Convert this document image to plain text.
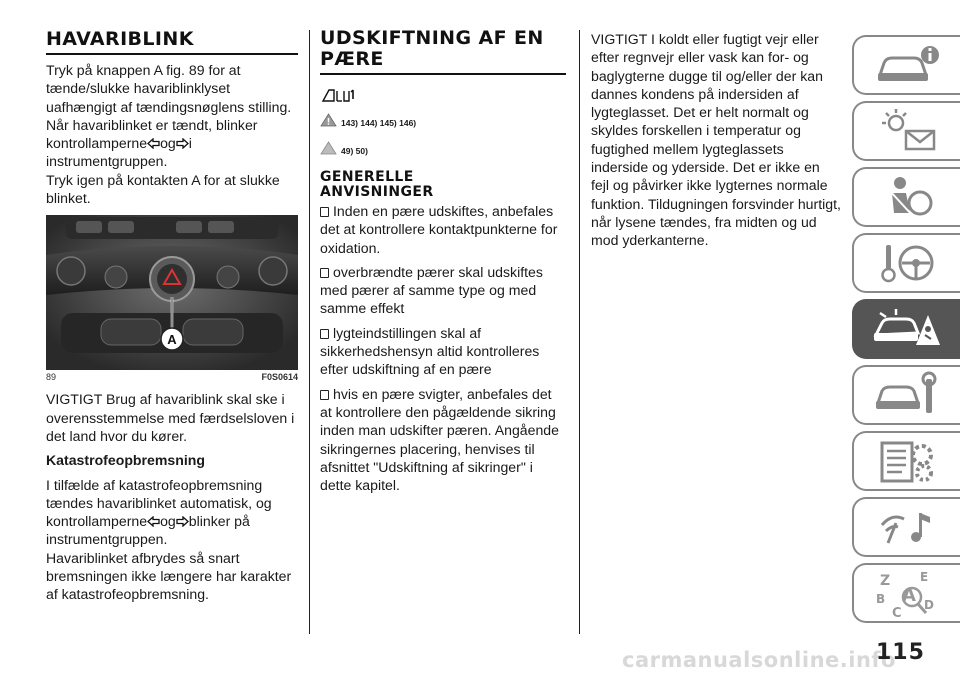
HAVARIBLINK

Tryk på knappen A fig. 89 for at tænde/slukke havariblinklyset uafhængigt af tændingsnøglens stilling. Når havariblinket er tændt, blinker kontrollamperne og i instrumentgruppen.

Tryk igen på kontakten A for at slukke blinket.

A
89	F0S0614

VIGTIGT Brug af havariblink skal ske i overensstemmelse med færdselsloven i det land hvor du kører.

Katastrofeopbremsning

I tilfælde af katastrofeopbremsning tændes havariblinket automatisk, og kontrollamperne og blinker på instrumentgruppen.

Havariblinket afbrydes så snart bremsningen ikke længere har karakter af katastrofeopbremsning.

UDSKIFTNING AF EN
PÆRE
143) 144) 145) 146)
49) 50)
GENERELLE
ANVISNINGER

Inden en pære udskiftes, anbefales det at kontrollere kontaktpunkterne for oxidation.

overbrændte pærer skal udskiftes med pærer af samme type og med samme effekt

lygteindstillingen skal af sikkerhedshensyn altid kontrolleres efter udskiftning af en pære

hvis en pære svigter, anbefales det at kontrollere den pågældende sikring inden man udskifter pæren. Angående sikringernes placering, henvises til afsnittet "Udskiftning af sikringer" i dette kapitel.

VIGTIGT I koldt eller fugtigt vejr eller efter regnvejr eller vask kan for- og baglygterne dugge til og/eller der kan dannes kondens på indersiden af lygteglasset. Det er helt normalt og skyldes forskellen i temperatur og fugtighed mellem lygteglassets inderside og yderside. Det er ikke en fejl og påvirker ikke lygternes normale funktion. Tildugningen forsvinder hurtigt, når lysene tændes, fra midten og ud mod yderkanterne.

Z E
B A
C
D
carmanualsonline.info
115
